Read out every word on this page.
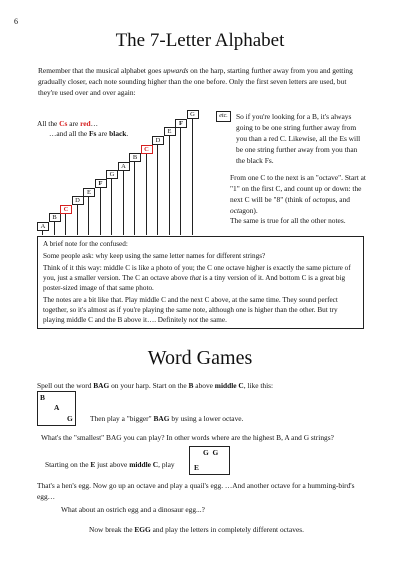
6
The 7-Letter Alphabet
Remember that the musical alphabet goes upwards on the harp, starting further away from you and getting gradually closer, each note sounding higher than the one before. Only the first seven letters are used, but they're used over and over again:
A
B
C
D
E
F
G
A
B
C
D
E
F
G	etc.
All the Cs are red…
…and all the Fs are black.
So if you're looking for a B, it's always going to be one string further away from you than a red C. Likewise, all the Es will be one string further away from you than the black Fs.
From one C to the next is an "octave". Start at "1" on the first C, and count up or down: the next C will be "8" (think of octopus, and octagon).
The same is true for all the other notes.

A brief note for the confused:

Some people ask: why keep using the same letter names for different strings?

Think of it this way: middle C is like a photo of you; the C one octave higher is exactly the same picture of you, just a smaller version. The C an octave above that is a tiny version of it. And bottom C is a great big poster-sized image of that same photo.

The notes are a bit like that. Play middle C and the next C above, at the same time. They sound perfect together, so it's almost as if you're playing the same note, although one is higher than the other. But try playing middle C and the B above it…. Definitely not the same.

Word Games
Spell out the word BAG on your harp. Start on the B above middle C, like this:
B
A
G Then play a "bigger" BAG by using a lower octave.
What's the "smallest" BAG you can play? In other words where are the highest B, A and G strings?
Starting on the E just above middle C, play
G  G
E
That's a hen's egg. Now go up an octave and play a quail's egg. …And another octave for a humming-bird's egg…
What about an ostrich egg and a dinosaur egg...?
Now break the EGG and play the letters in completely different octaves.
